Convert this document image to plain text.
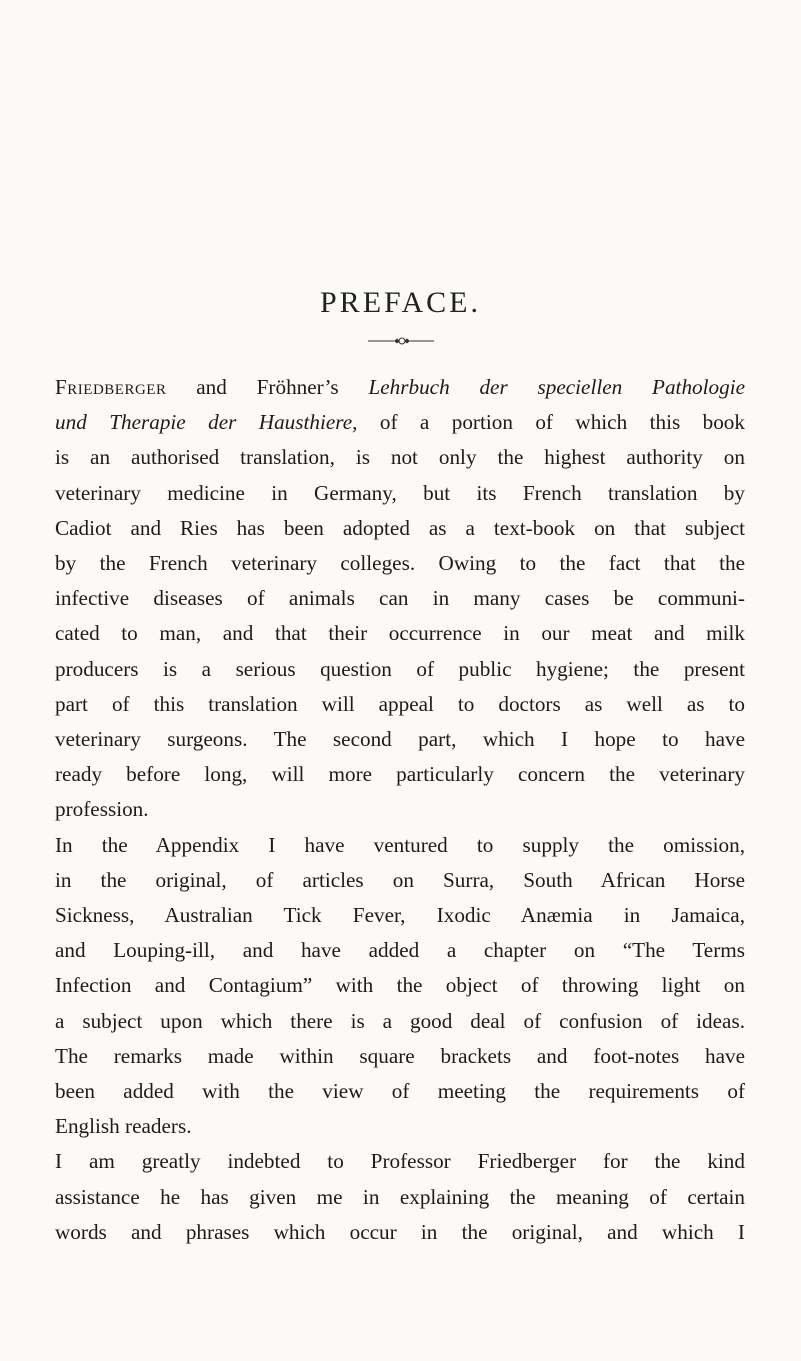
PREFACE.
Friedberger and Fröhner’s Lehrbuch der speciellen Pathologie
und Therapie der Hausthiere, of a portion of which this book
is an authorised translation, is not only the highest authority on
veterinary medicine in Germany, but its French translation by
Cadiot and Ries has been adopted as a text-book on that subject
by the French veterinary colleges. Owing to the fact that the
infective diseases of animals can in many cases be communi-
cated to man, and that their occurrence in our meat and milk
producers is a serious question of public hygiene; the present
part of this translation will appeal to doctors as well as to
veterinary surgeons. The second part, which I hope to have
ready before long, will more particularly concern the veterinary
profession.
In the Appendix I have ventured to supply the omission,
in the original, of articles on Surra, South African Horse
Sickness, Australian Tick Fever, Ixodic Anæmia in Jamaica,
and Louping-ill, and have added a chapter on “The Terms
Infection and Contagium” with the object of throwing light on
a subject upon which there is a good deal of confusion of ideas.
The remarks made within square brackets and foot-notes have
been added with the view of meeting the requirements of
English readers.
I am greatly indebted to Professor Friedberger for the kind
assistance he has given me in explaining the meaning of certain
words and phrases which occur in the original, and which I
